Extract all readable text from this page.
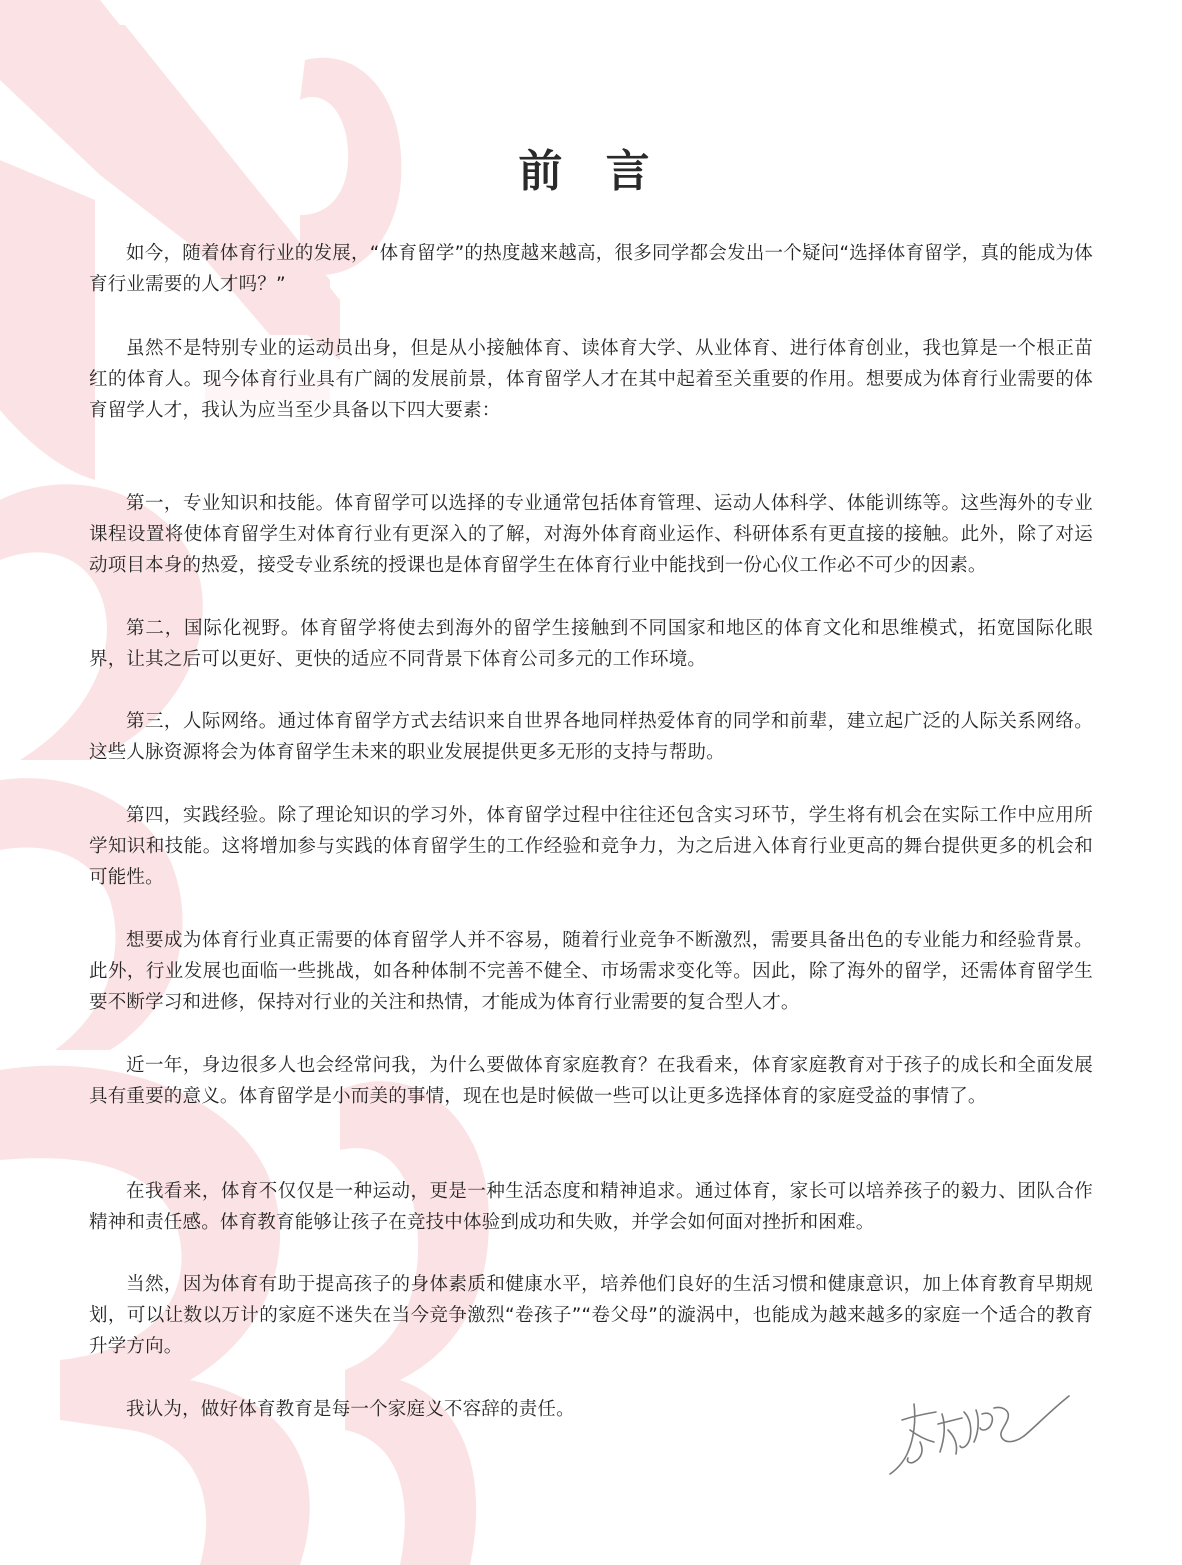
前 言

如今，随着体育行业的发展，“体育留学”的热度越来越高，很多同学都会发出一个疑问“选择体育留学，真的能成为体育行业需要的人才吗？”

虽然不是特别专业的运动员出身，但是从小接触体育、读体育大学、从业体育、进行体育创业，我也算是一个根正苗红的体育人。现今体育行业具有广阔的发展前景，体育留学人才在其中起着至关重要的作用。想要成为体育行业需要的体育留学人才，我认为应当至少具备以下四大要素：

第一，专业知识和技能。体育留学可以选择的专业通常包括体育管理、运动人体科学、体能训练等。这些海外的专业课程设置将使体育留学生对体育行业有更深入的了解，对海外体育商业运作、科研体系有更直接的接触。此外，除了对运动项目本身的热爱，接受专业系统的授课也是体育留学生在体育行业中能找到一份心仪工作必不可少的因素。

第二，国际化视野。体育留学将使去到海外的留学生接触到不同国家和地区的体育文化和思维模式，拓宽国际化眼界，让其之后可以更好、更快的适应不同背景下体育公司多元的工作环境。

第三，人际网络。通过体育留学方式去结识来自世界各地同样热爱体育的同学和前辈，建立起广泛的人际关系网络。这些人脉资源将会为体育留学生未来的职业发展提供更多无形的支持与帮助。

第四，实践经验。除了理论知识的学习外，体育留学过程中往往还包含实习环节，学生将有机会在实际工作中应用所学知识和技能。这将增加参与实践的体育留学生的工作经验和竞争力，为之后进入体育行业更高的舞台提供更多的机会和可能性。

想要成为体育行业真正需要的体育留学人并不容易，随着行业竞争不断激烈，需要具备出色的专业能力和经验背景。此外，行业发展也面临一些挑战，如各种体制不完善不健全、市场需求变化等。因此，除了海外的留学，还需体育留学生要不断学习和进修，保持对行业的关注和热情，才能成为体育行业需要的复合型人才。

近一年，身边很多人也会经常问我，为什么要做体育家庭教育？在我看来，体育家庭教育对于孩子的成长和全面发展具有重要的意义。体育留学是小而美的事情，现在也是时候做一些可以让更多选择体育的家庭受益的事情了。

在我看来，体育不仅仅是一种运动，更是一种生活态度和精神追求。通过体育，家长可以培养孩子的毅力、团队合作精神和责任感。体育教育能够让孩子在竞技中体验到成功和失败，并学会如何面对挫折和困难。

当然，因为体育有助于提高孩子的身体素质和健康水平，培养他们良好的生活习惯和健康意识，加上体育教育早期规划，可以让数以万计的家庭不迷失在当今竞争激烈“卷孩子”“卷父母”的漩涡中，也能成为越来越多的家庭一个适合的教育升学方向。

我认为，做好体育教育是每一个家庭义不容辞的责任。
